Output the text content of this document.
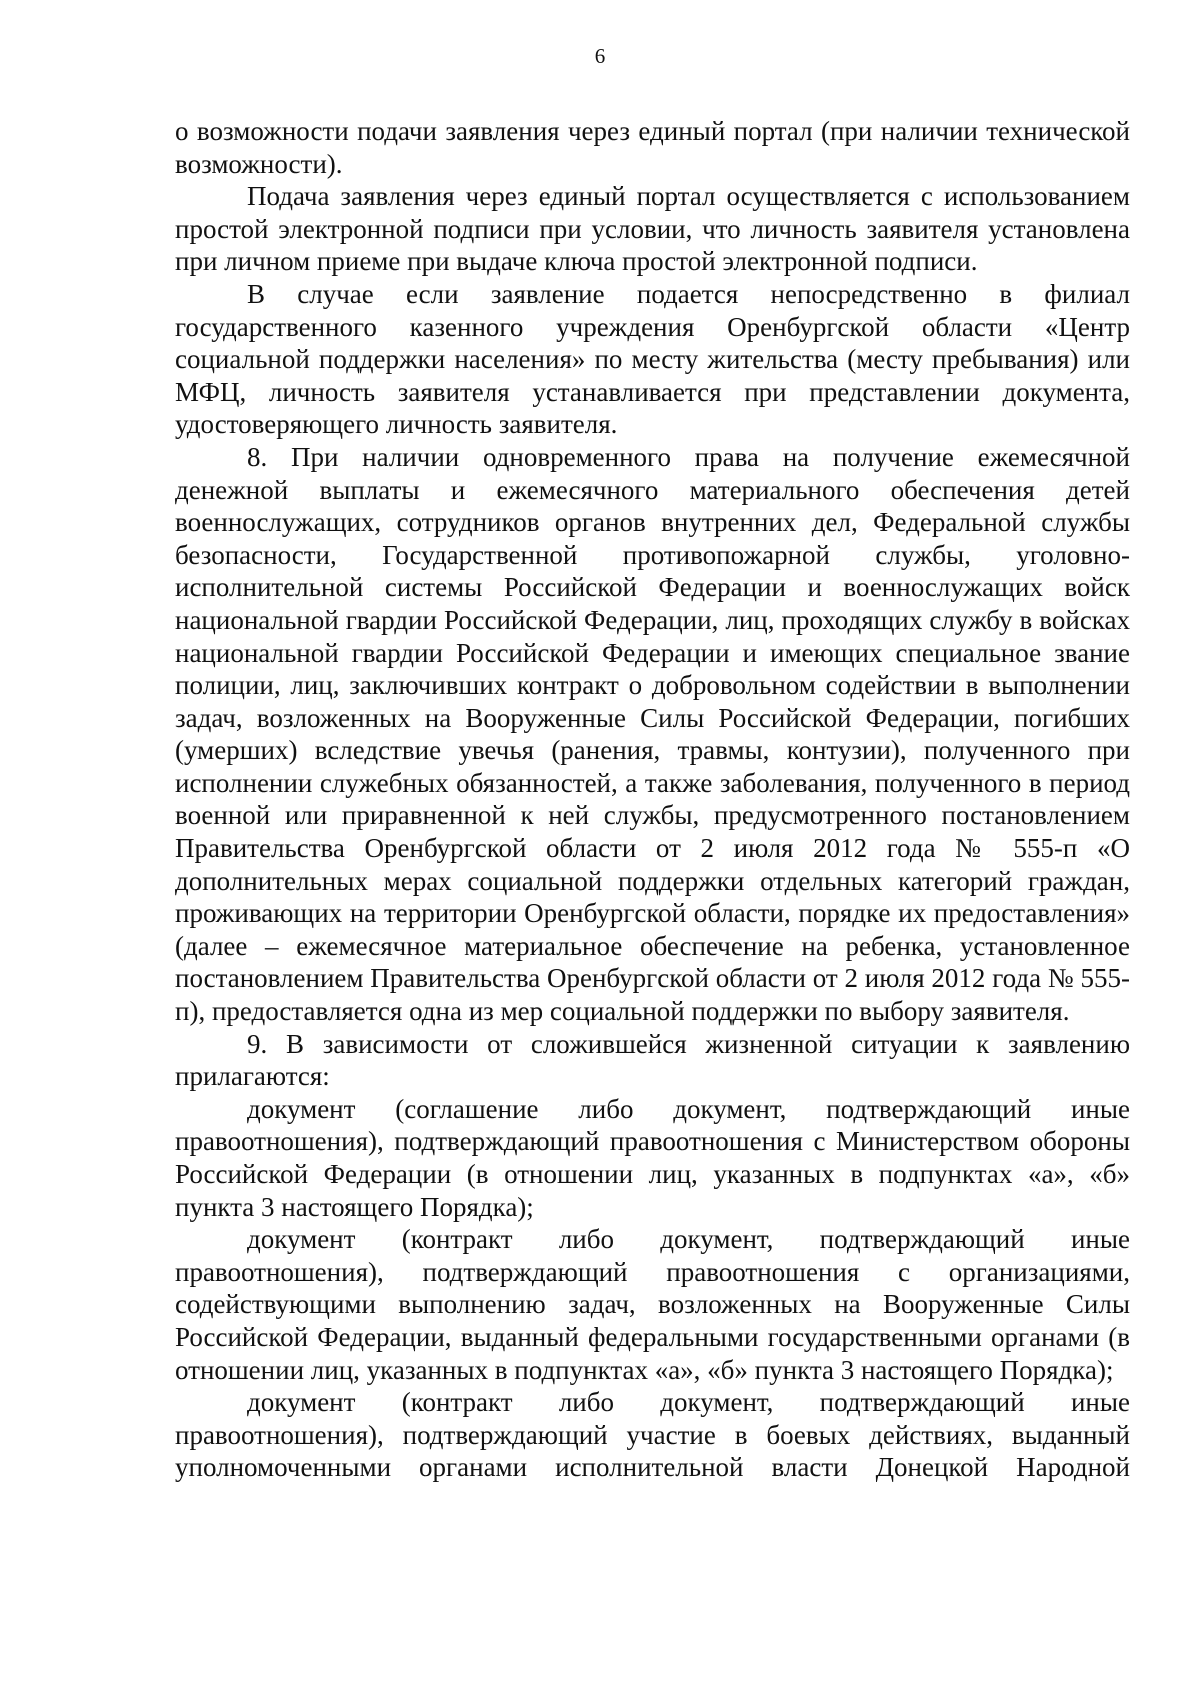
6

о возможности подачи заявления через единый портал (при наличии технической возможности).

Подача заявления через единый портал осуществляется с использованием простой электронной подписи при условии, что личность заявителя установлена при личном приеме при выдаче ключа простой электронной подписи.

В случае если заявление подается непосредственно в филиал государственного казенного учреждения Оренбургской области «Центр социальной поддержки населения» по месту жительства (месту пребывания) или МФЦ, личность заявителя устанавливается при представлении документа, удостоверяющего личность заявителя.

8. При наличии одновременного права на получение ежемесячной денежной выплаты и ежемесячного материального обеспечения детей военнослужащих, сотрудников органов внутренних дел, Федеральной службы безопасности, Государственной противопожарной службы, уголовно-исполнительной системы Российской Федерации и военнослужащих войск национальной гвардии Российской Федерации, лиц, проходящих службу в войсках национальной гвардии Российской Федерации и имеющих специальное звание полиции, лиц, заключивших контракт о добровольном содействии в выполнении задач, возложенных на Вооруженные Силы Российской Федерации, погибших (умерших) вследствие увечья (ранения, травмы, контузии), полученного при исполнении служебных обязанностей, а также заболевания, полученного в период военной или приравненной к ней службы, предусмотренного постановлением Правительства Оренбургской области от 2 июля 2012 года № 555-п «О дополнительных мерах социальной поддержки отдельных категорий граждан, проживающих на территории Оренбургской области, порядке их предоставления» (далее – ежемесячное материальное обеспечение на ребенка, установленное постановлением Правительства Оренбургской области от 2 июля 2012 года № 555-п), предоставляется одна из мер социальной поддержки по выбору заявителя.

9. В зависимости от сложившейся жизненной ситуации к заявлению прилагаются:

документ (соглашение либо документ, подтверждающий иные правоотношения), подтверждающий правоотношения с Министерством обороны Российской Федерации (в отношении лиц, указанных в подпунктах «а», «б» пункта 3 настоящего Порядка);

документ (контракт либо документ, подтверждающий иные правоотношения), подтверждающий правоотношения с организациями, содействующими выполнению задач, возложенных на Вооруженные Силы Российской Федерации, выданный федеральными государственными органами (в отношении лиц, указанных в подпунктах «а», «б» пункта 3 настоящего Порядка);

документ (контракт либо документ, подтверждающий иные правоотношения), подтверждающий участие в боевых действиях, выданный уполномоченными органами исполнительной власти Донецкой Народной
